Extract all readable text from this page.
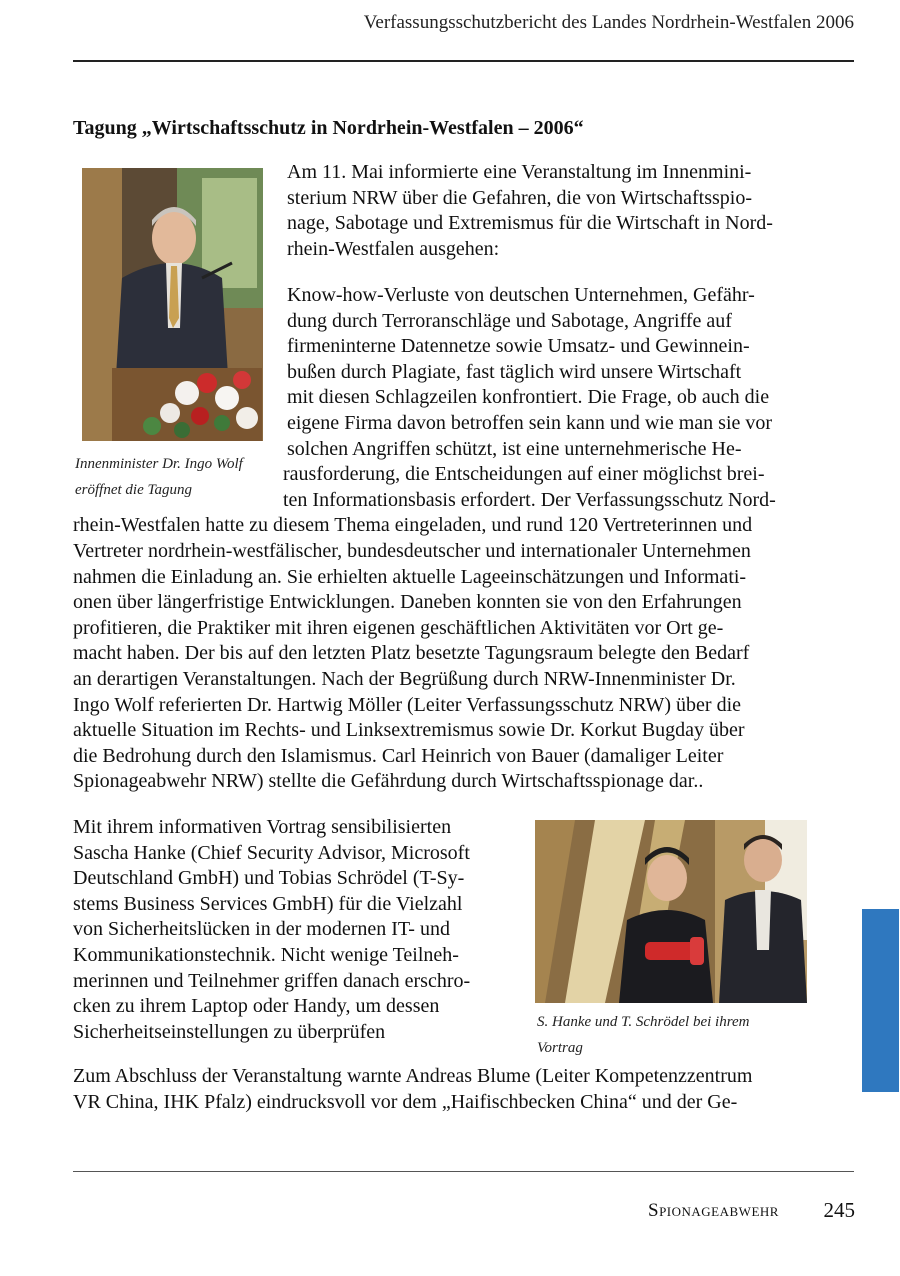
Verfassungsschutzbericht des Landes Nordrhein-Westfalen 2006
Tagung „Wirtschaftsschutz in Nordrhein-Westfalen – 2006“
Innenminister Dr. Ingo Wolf
eröffnet die Tagung
Am 11. Mai informierte eine Veranstaltung im Innenmini-
sterium NRW über die Gefahren, die von Wirtschaftsspio-
nage, Sabotage und Extremismus für die Wirtschaft in Nord-
rhein-Westfalen ausgehen:
Know-how-Verluste von deutschen Unternehmen, Gefähr-
dung durch Terroranschläge und Sabotage, Angriffe auf
firmeninterne Datennetze sowie Umsatz- und Gewinnein-
bußen durch Plagiate, fast täglich wird unsere Wirtschaft
mit diesen Schlagzeilen konfrontiert. Die Frage, ob auch die
eigene Firma davon betroffen sein kann und wie man sie vor
solchen Angriffen schützt, ist eine unternehmerische He-
rausforderung, die Entscheidungen auf einer möglichst brei-
ten Informationsbasis erfordert. Der Verfassungsschutz Nord-
rhein-Westfalen hatte zu diesem Thema eingeladen, und rund 120 Vertreterinnen und
Vertreter nordrhein-westfälischer, bundesdeutscher und internationaler Unternehmen
nahmen die Einladung an. Sie erhielten aktuelle Lageeinschätzungen und Informati-
onen über längerfristige Entwicklungen. Daneben konnten sie von den Erfahrungen
profitieren, die Praktiker mit ihren eigenen geschäftlichen Aktivitäten vor Ort ge-
macht haben. Der bis auf den letzten Platz besetzte Tagungsraum belegte den Bedarf
an derartigen Veranstaltungen. Nach der Begrüßung durch NRW-Innenminister Dr.
Ingo Wolf referierten Dr. Hartwig Möller (Leiter Verfassungsschutz NRW) über die
aktuelle Situation im Rechts- und Linksextremismus sowie Dr. Korkut Bugday über
die Bedrohung durch den Islamismus. Carl Heinrich von Bauer (damaliger Leiter
Spionageabwehr NRW) stellte die Gefährdung durch Wirtschaftsspionage dar..
Mit ihrem informativen Vortrag sensibilisierten
Sascha Hanke (Chief Security Advisor, Microsoft
Deutschland GmbH) und Tobias Schrödel (T-Sy-
stems Business Services GmbH) für die Vielzahl
von Sicherheitslücken in der modernen IT- und
Kommunikationstechnik. Nicht wenige Teilneh-
merinnen und Teilnehmer griffen danach erschro-
cken zu ihrem Laptop oder Handy, um dessen
Sicherheitseinstellungen zu überprüfen	S. Hanke und T. Schrödel bei ihrem
Vortrag
Zum Abschluss der Veranstaltung warnte Andreas Blume (Leiter Kompetenzzentrum
VR China, IHK Pfalz) eindrucksvoll vor dem „Haifischbecken China“ und der Ge-
Spionageabwehr 245
